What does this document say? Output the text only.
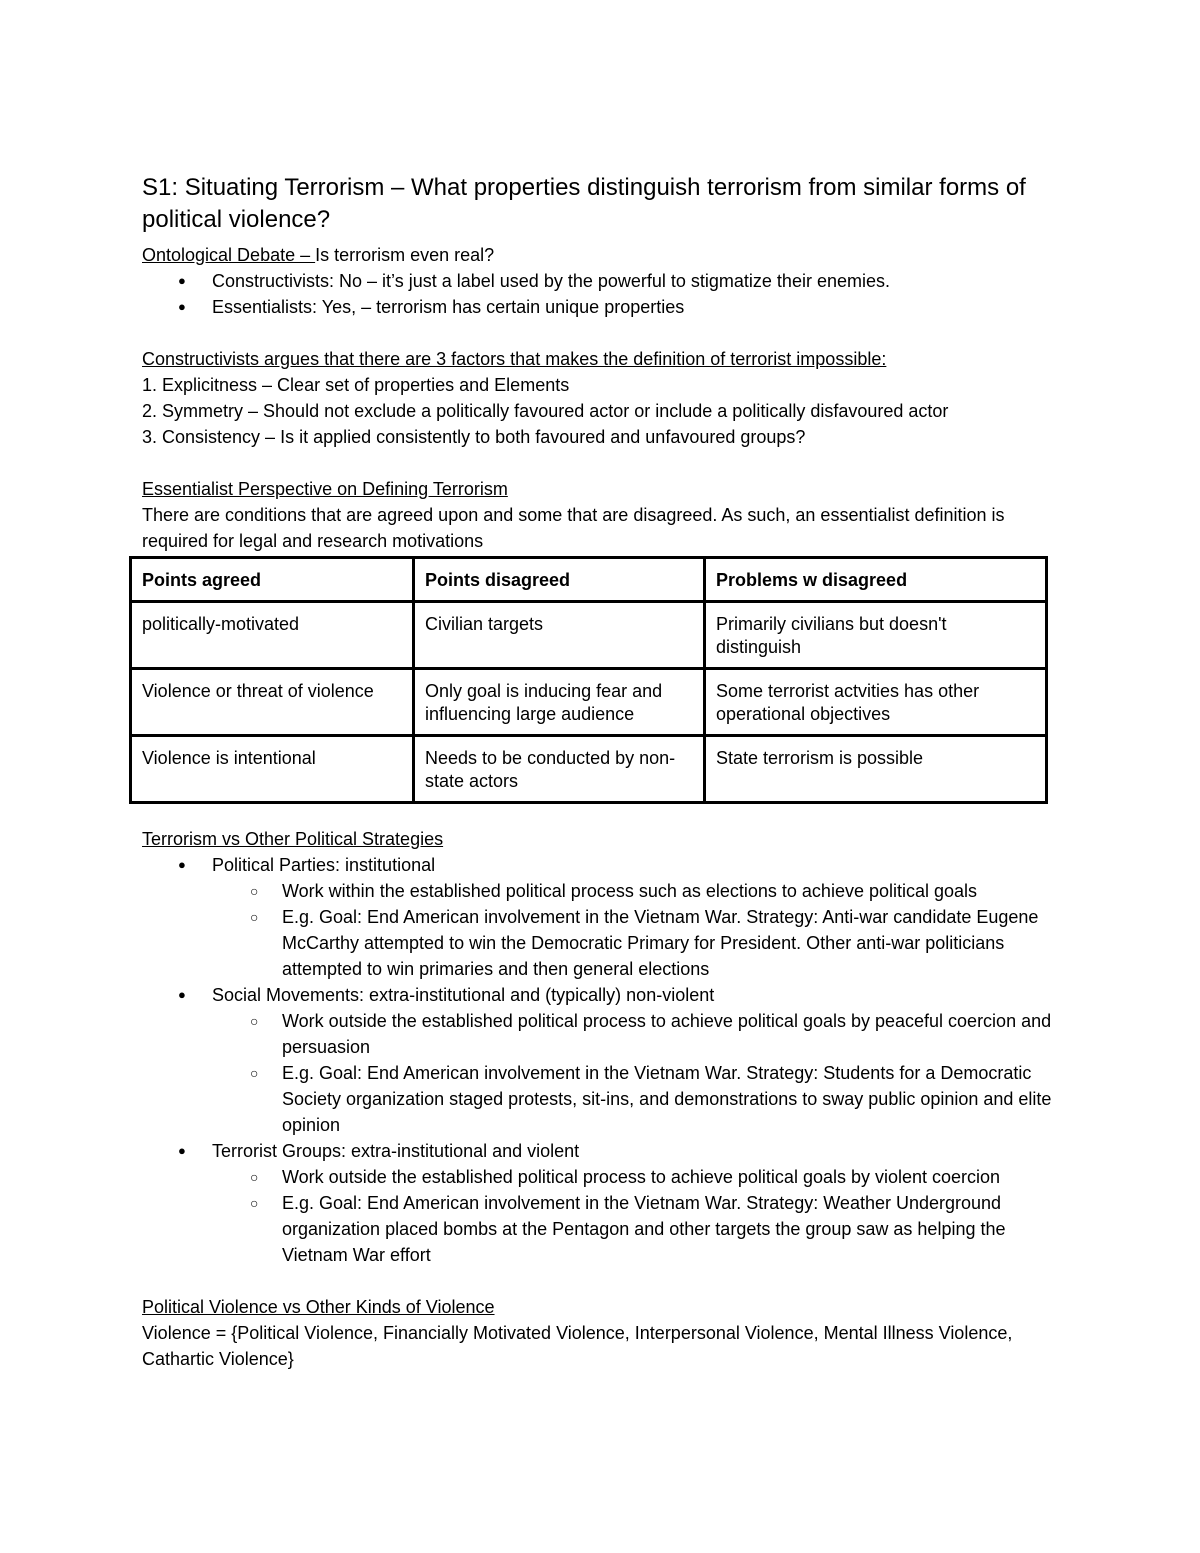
S1: Situating Terrorism – What properties distinguish terrorism from similar forms of political violence?

Ontological Debate – Is terrorism even real?

● Constructivists: No – it’s just a label used by the powerful to stigmatize their enemies.
● Essentialists: Yes, – terrorism has certain unique properties

Constructivists argues that there are 3 factors that makes the definition of terrorist impossible:

1. Explicitness – Clear set of properties and Elements

2. Symmetry – Should not exclude a politically favoured actor or include a politically disfavoured actor

3. Consistency – Is it applied consistently to both favoured and unfavoured groups?

Essentialist Perspective on Defining Terrorism

There are conditions that are agreed upon and some that are disagreed. As such, an essentialist definition is required for legal and research motivations

Points agreed	Points disagreed	Problems w disagreed
politically-motivated	Civilian targets	Primarily civilians but doesn't distinguish
Violence or threat of violence	Only goal is inducing fear and influencing large audience	Some terrorist actvities has other operational objectives
Violence is intentional	Needs to be conducted by non-state actors	State terrorism is possible

Terrorism vs Other Political Strategies

● Political Parties: institutional
○ Work within the established political process such as elections to achieve political goals
○ E.g. Goal: End American involvement in the Vietnam War. Strategy: Anti-war candidate Eugene McCarthy attempted to win the Democratic Primary for President. Other anti-war politicians attempted to win primaries and then general elections
● Social Movements: extra-institutional and (typically) non-violent
○ Work outside the established political process to achieve political goals by peaceful coercion and persuasion
○ E.g. Goal: End American involvement in the Vietnam War. Strategy: Students for a Democratic Society organization staged protests, sit-ins, and demonstrations to sway public opinion and elite opinion
● Terrorist Groups: extra-institutional and violent
○ Work outside the established political process to achieve political goals by violent coercion
○ E.g. Goal: End American involvement in the Vietnam War. Strategy: Weather Underground organization placed bombs at the Pentagon and other targets the group saw as helping the Vietnam War effort

Political Violence vs Other Kinds of Violence

Violence = {Political Violence, Financially Motivated Violence, Interpersonal Violence, Mental Illness Violence, Cathartic Violence}
